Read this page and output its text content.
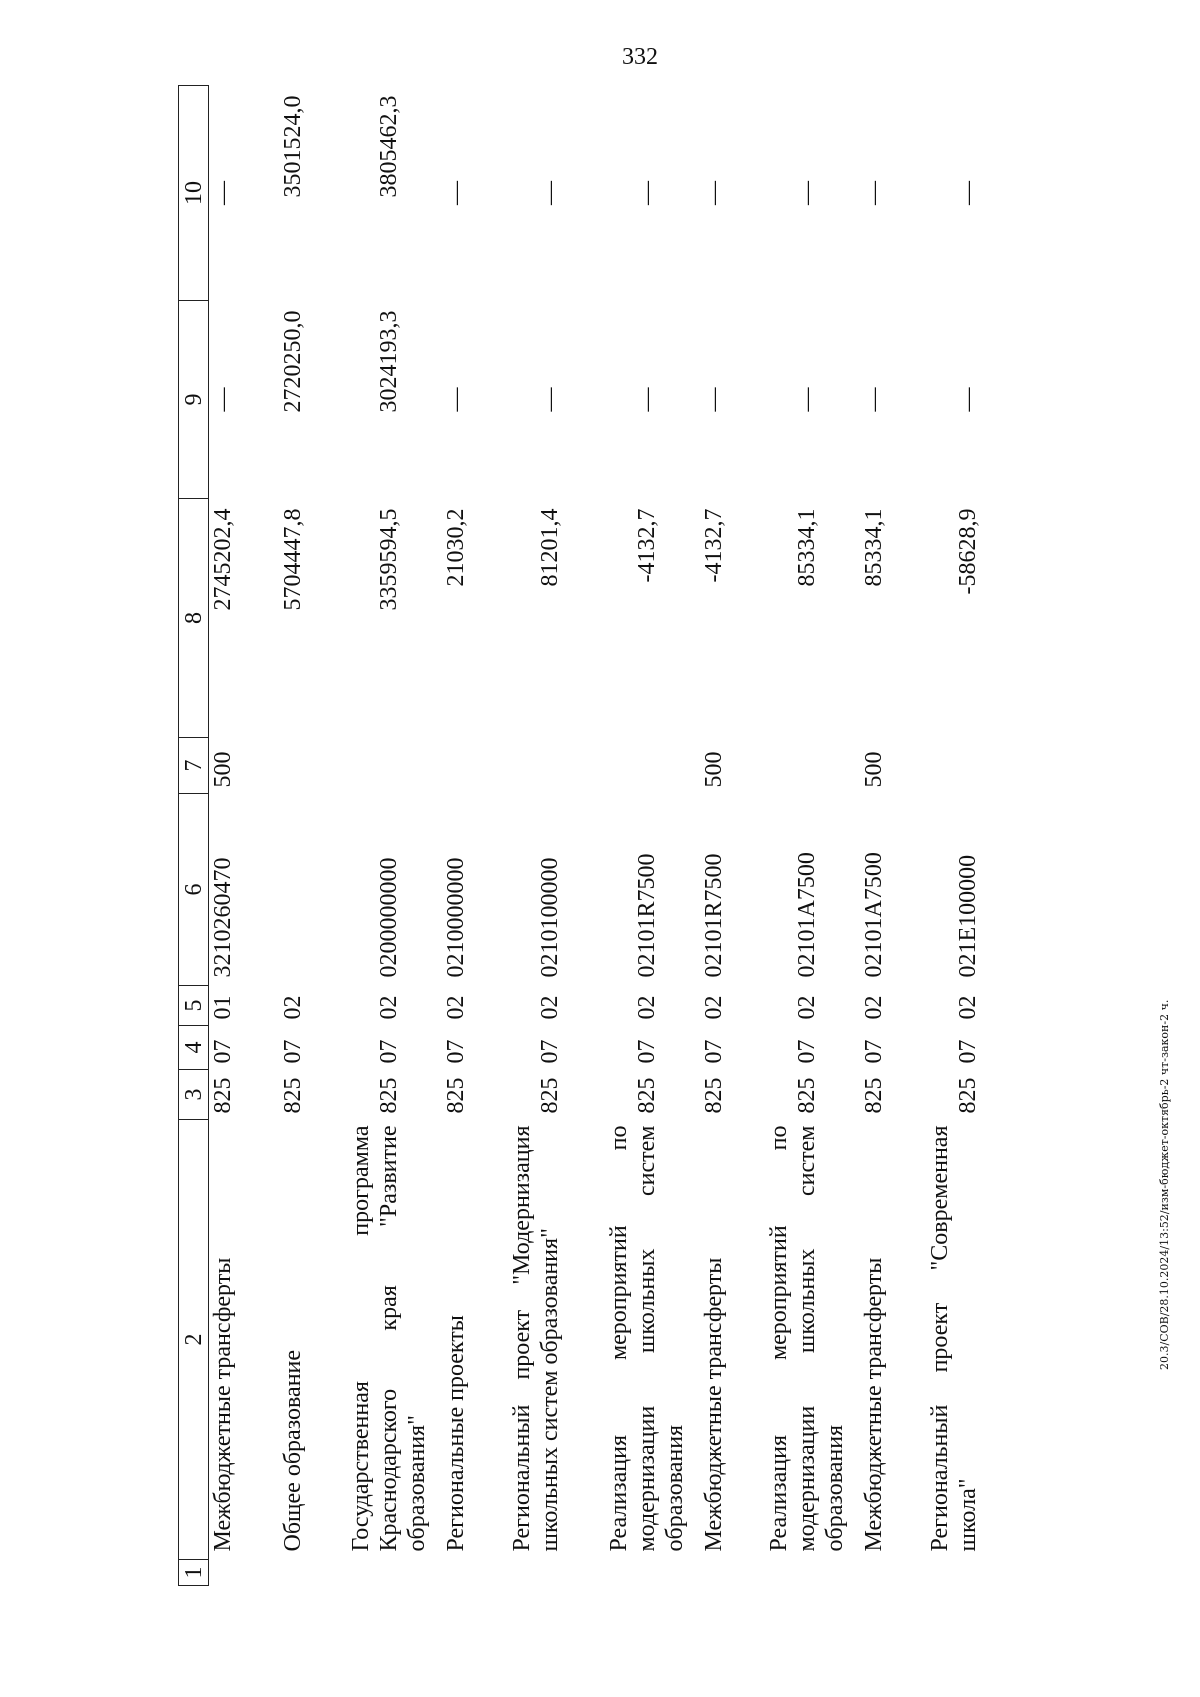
332
1	2	3	4	5	6	7	8	9	10
	Межбюджетные трансферты	825	07	01	3210260470	500	2745202,4	—	—
	Общее образование	825	07	02			5704447,8	2720250,0	3501524,0
	Государственная программа Краснодарского края "Развитие образования"	825	07	02	0200000000		3359594,5	3024193,3	3805462,3
	Региональные проекты	825	07	02	0210000000		21030,2	—	—
	Региональный проект "Модернизация школьных систем образования"	825	07	02	0210100000		81201,4	—	—
	Реализация мероприятий по модернизации школьных систем образования	825	07	02	02101R7500		-4132,7	—	—
	Межбюджетные трансферты	825	07	02	02101R7500	500	-4132,7	—	—
	Реализация мероприятий по модернизации школьных систем образования	825	07	02	02101A7500		85334,1	—	—
	Межбюджетные трансферты	825	07	02	02101A7500	500	85334,1	—	—
	Региональный проект "Современная школа"	825	07	02	021E100000		-58628,9	—	—
20.3/СОВ/28.10.2024/13:52/изм-бюджет-октябрь-2 чт-закон-2 ч.
